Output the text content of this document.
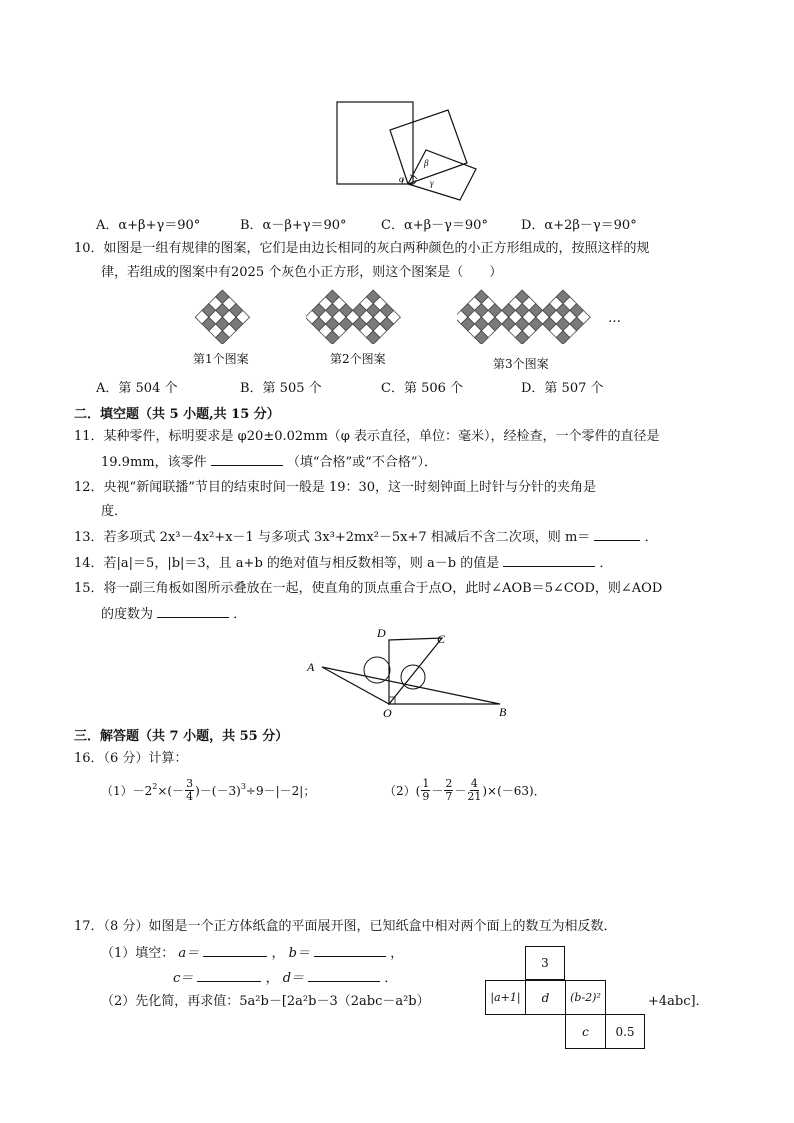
α
β
γ
A．α+β+γ＝90°	B．α－β+γ＝90°	C．α+β－γ＝90°	D．α+2β－γ＝90°
10．如图是一组有规律的图案，它们是由边长相同的灰白两种颜色的小正方形组成的，按照这样的规
律，若组成的图案中有2025 个灰色小正方形，则这个图案是（　　）
…
第1个图案	第2个图案	第3个图案
A．第 504 个	B．第 505 个	C．第 506 个	D．第 507 个
二．填空题（共 5 小题,共 15 分）
11．某种零件，标明要求是 φ20±0.02mm（φ 表示直径，单位：毫米），经检查，一个零件的直径是
19.9mm，该零件	（填“合格”或“不合格”）．
12．央视“新闻联播”节目的结束时间一般是 19：30，这一时刻钟面上时针与分针的夹角是
度．
13．若多项式 2x³－4x²+x－1 与多项式 3x³+2mx²－5x+7 相减后不含二次项，则 m＝	．
14．若|a|＝5，|b|＝3，且 a+b 的绝对值与相反数相等，则 a－b 的值是	．
15．将一副三角板如图所示叠放在一起，使直角的顶点重合于点O，此时∠AOB＝5∠COD，则∠AOD
的度数为	．
A
B
C
D
O
三．解答题（共 7 小题，共 55 分）
16．（6 分）计算：
$(1)-2^2$ ×(－ $\frac{3}{4} )-(-3)^3 \div 9-|-2|$；	$(2)( \frac{1}{9} - \frac{2}{7} - \frac{4}{21} )\times(-63)$．
17．（8 分）如图是一个正方体纸盒的平面展开图，已知纸盒中相对两个面上的数互为相反数．
（1）填空： a＝	， b＝	，
c＝	， d＝	．
（2）先化简，再求值：5a²b－[2a²b－3（2abc－a²b）	+4abc]．
3
|a+1|	d	(b-2)²
c	0.5
